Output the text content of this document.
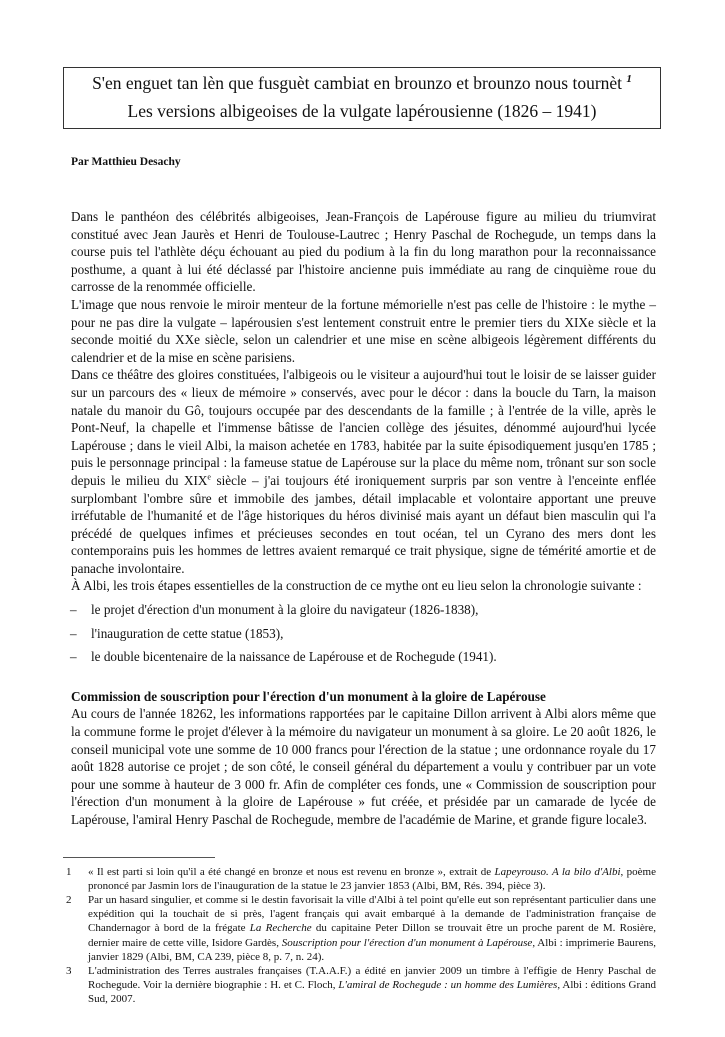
S'en enguet tan lèn que fusguèt cambiat en brounzo et brounzo nous tournèt $^1$
Les versions albigeoises de la vulgate lapérousienne (1826 – 1941)
Par Matthieu Desachy

Dans le panthéon des célébrités albigeoises, Jean-François de Lapérouse figure au milieu du triumvirat constitué avec Jean Jaurès et Henri de Toulouse-Lautrec ; Henry Paschal de Rochegude, un temps dans la course puis tel l'athlète déçu échouant au pied du podium à la fin du long marathon pour la reconnaissance posthume, a quant à lui été déclassé par l'histoire ancienne puis immédiate au rang de cinquième roue du carrosse de la renommée officielle.

L'image que nous renvoie le miroir menteur de la fortune mémorielle n'est pas celle de l'histoire : le mythe – pour ne pas dire la vulgate – lapérousien s'est lentement construit entre le premier tiers du XIXe siècle et la seconde moitié du XXe siècle, selon un calendrier et une mise en scène albigeois légèrement différents du calendrier et de la mise en scène parisiens.

Dans ce théâtre des gloires constituées, l'albigeois ou le visiteur a aujourd'hui tout le loisir de se laisser guider sur un parcours des « lieux de mémoire » conservés, avec pour le décor : dans la boucle du Tarn, la maison natale du manoir du Gô, toujours occupée par des descendants de la famille ; à l'entrée de la ville, après le Pont-Neuf, la chapelle et l'immense bâtisse de l'ancien collège des jésuites, dénommé aujourd'hui lycée Lapérouse ; dans le vieil Albi, la maison achetée en 1783, habitée par la suite épisodiquement jusqu'en 1785 ; puis le personnage principal : la fameuse statue de Lapérouse sur la place du même nom, trônant sur son socle depuis le milieu du XIXe siècle – j'ai toujours été ironiquement surpris par son ventre à l'enceinte enflée surplombant l'ombre sûre et immobile des jambes, détail implacable et volontaire apportant une preuve irréfutable de l'humanité et de l'âge historiques du héros divinisé mais ayant un défaut bien masculin qui l'a précédé de quelques infimes et précieuses secondes en tout océan, tel un Cyrano des mers dont les contemporains puis les hommes de lettres avaient remarqué ce trait physique, signe de témérité amortie et de panache involontaire.

À Albi, les trois étapes essentielles de la construction de ce mythe ont eu lieu selon la chronologie suivante :

– le projet d'érection d'un monument à la gloire du navigateur (1826-1838),
– l'inauguration de cette statue (1853),
– le double bicentenaire de la naissance de Lapérouse et de Rochegude (1941).
Commission de souscription pour l'érection d'un monument à la gloire de Lapérouse

Au cours de l'année 18262, les informations rapportées par le capitaine Dillon arrivent à Albi alors même que la commune forme le projet d'élever à la mémoire du navigateur un monument à sa gloire. Le 20 août 1826, le conseil municipal vote une somme de 10 000 francs pour l'érection de la statue ; une ordonnance royale du 17 août 1828 autorise ce projet ; de son côté, le conseil général du département a voulu y contribuer par un vote pour une somme à hauteur de 3 000 fr. Afin de compléter ces fonds, une « Commission de souscription pour l'érection d'un monument à la gloire de Lapérouse » fut créée, et présidée par un camarade de lycée de Lapérouse, l'amiral Henry Paschal de Rochegude, membre de l'académie de Marine, et grande figure locale3.

1 « Il est parti si loin qu'il a été changé en bronze et nous est revenu en bronze », extrait de Lapeyrouso. A la bilo d'Albi, poème prononcé par Jasmin lors de l'inauguration de la statue le 23 janvier 1853 (Albi, BM, Rés. 394, pièce 3).
2 Par un hasard singulier, et comme si le destin favorisait la ville d'Albi à tel point qu'elle eut son représentant particulier dans une expédition qui la touchait de si près, l'agent français qui avait embarqué à la demande de l'administration française de Chandernagor à bord de la frégate La Recherche du capitaine Peter Dillon se trouvait être un proche parent de M. Rosière, dernier maire de cette ville, Isidore Gardès, Souscription pour l'érection d'un monument à Lapérouse, Albi : imprimerie Baurens, janvier 1829 (Albi, BM, CA 239, pièce 8, p. 7, n. 24).
3 L'administration des Terres australes françaises (T.A.A.F.) a édité en janvier 2009 un timbre à l'effigie de Henry Paschal de Rochegude. Voir la dernière biographie : H. et C. Floch, L'amiral de Rochegude : un homme des Lumières, Albi : éditions Grand Sud, 2007.
